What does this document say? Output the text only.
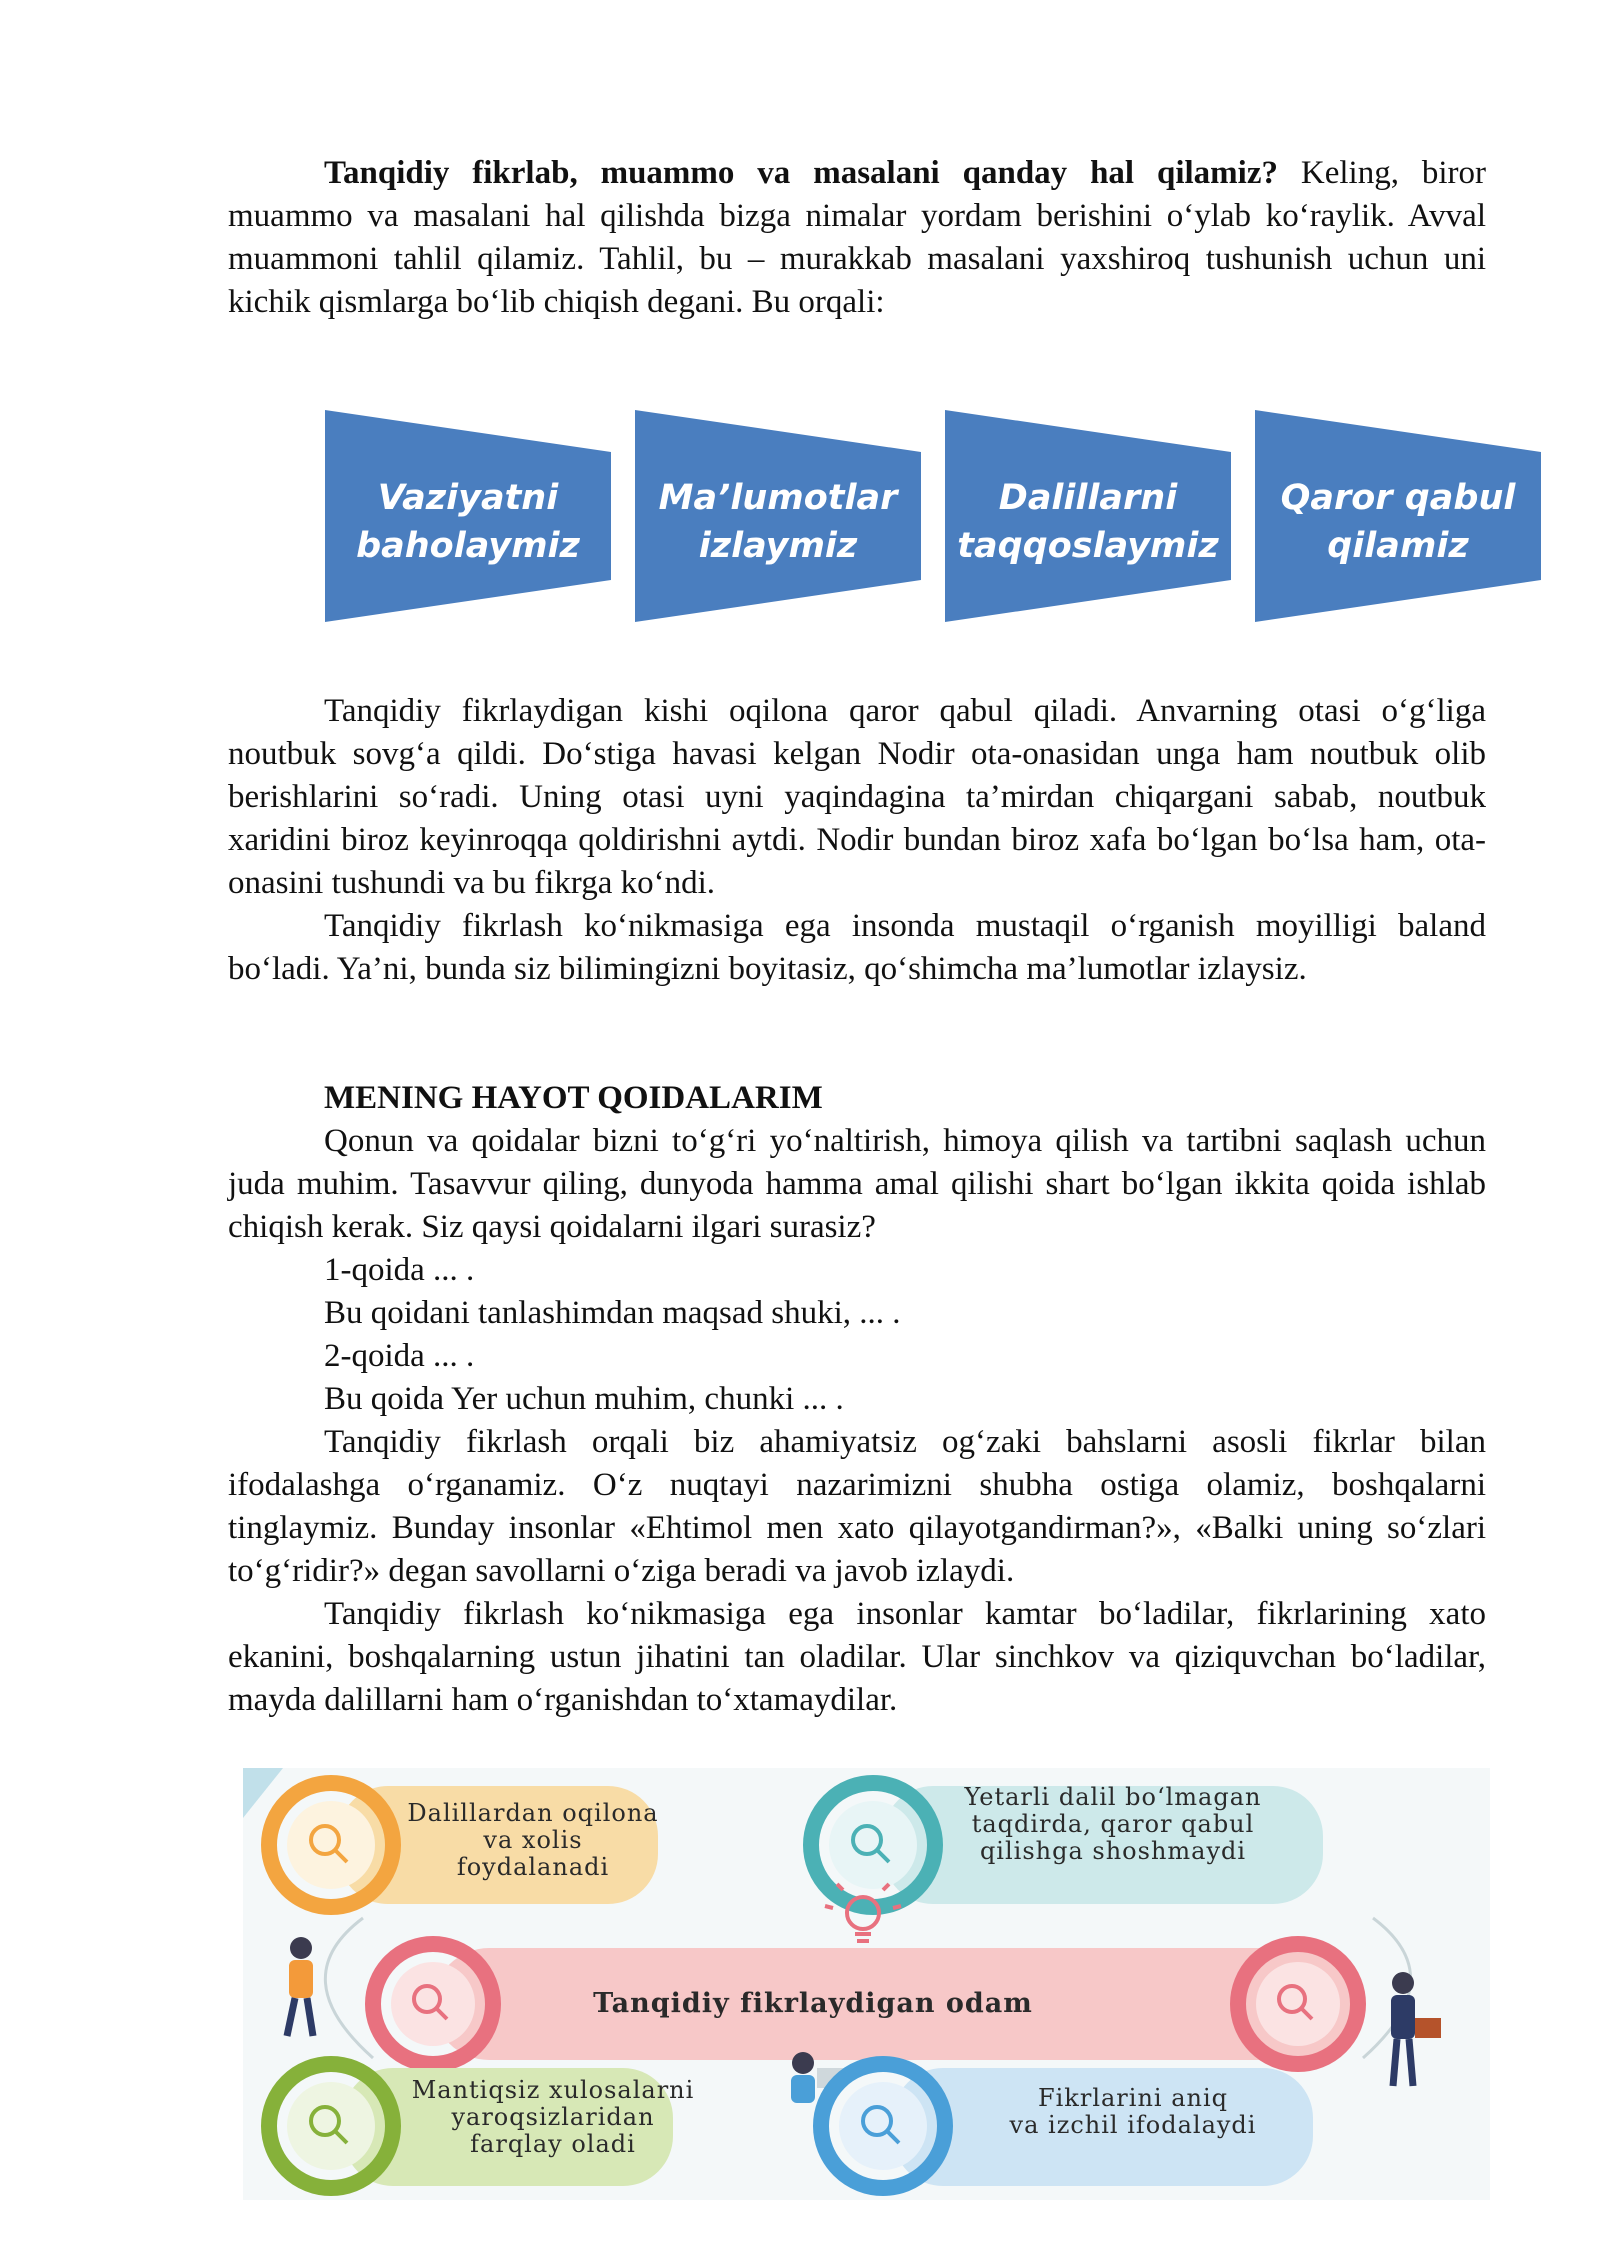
Tanqidiy fikrlab, muammo va masalani qanday hal qilamiz? Keling, biror muammo va masalani hal qilishda bizga nimalar yordam berishini o‘ylab ko‘raylik. Avval muammoni tahlil qilamiz. Tahlil, bu – murakkab masalani yaxshiroq tushunish uchun uni kichik qismlarga bo‘lib chiqish degani. Bu orqali:

Vaziyatni
baholaymiz
Ma’lumotlar
izlaymiz
Dalillarni
taqqoslaymiz
Qaror qabul
qilamiz

Tanqidiy fikrlaydigan kishi oqilona qaror qabul qiladi. Anvarning otasi o‘g‘liga noutbuk sovg‘a qildi. Do‘stiga havasi kelgan Nodir ota-onasidan unga ham noutbuk olib berishlarini so‘radi. Uning otasi uyni yaqindagina ta’mirdan chiqargani sabab, noutbuk xaridini biroz keyinroqqa qoldirishni aytdi. Nodir bundan biroz xafa bo‘lgan bo‘lsa ham, ota-onasini tushundi va bu fikrga ko‘ndi.

Tanqidiy fikrlash ko‘nikmasiga ega insonda mustaqil o‘rganish moyilligi baland bo‘ladi. Ya’ni, bunda siz bilimingizni boyitasiz, qo‘shimcha ma’lumotlar izlaysiz.

MENING HAYOT QOIDALARIM

Qonun va qoidalar bizni to‘g‘ri yo‘naltirish, himoya qilish va tartibni saqlash uchun juda muhim. Tasavvur qiling, dunyoda hamma amal qilishi shart bo‘lgan ikkita qoida ishlab chiqish kerak. Siz qaysi qoidalarni ilgari surasiz?

1-qoida ... .

Bu qoidani tanlashimdan maqsad shuki, ... .

2-qoida ... .

Bu qoida Yer uchun muhim, chunki ... .

Tanqidiy fikrlash orqali biz ahamiyatsiz og‘zaki bahslarni asosli fikrlar bilan ifodalashga o‘rganamiz. O‘z nuqtayi nazarimizni shubha ostiga olamiz, boshqalarni tinglaymiz. Bunday insonlar «Ehtimol men xato qilayotgandirman?», «Balki uning so‘zlari to‘g‘ridir?» degan savollarni o‘ziga beradi va javob izlaydi.

Tanqidiy fikrlash ko‘nikmasiga ega insonlar kamtar bo‘ladilar, fikrlarining xato ekanini, boshqalarning ustun jihatini tan oladilar. Ular sinchkov va qiziquvchan bo‘ladilar, mayda dalillarni ham o‘rganishdan to‘xtamaydilar.

Dalillardan oqilona
va xolis foydalanadi
Yetarli dalil bo‘lmagan
taqdirda, qaror qabul
qilishga shoshmaydi
Tanqidiy fikrlaydigan odam
Mantiqsiz xulosalarni
yaroqsizlaridan farqlay oladi
Fikrlarini aniq
va izchil ifodalaydi
